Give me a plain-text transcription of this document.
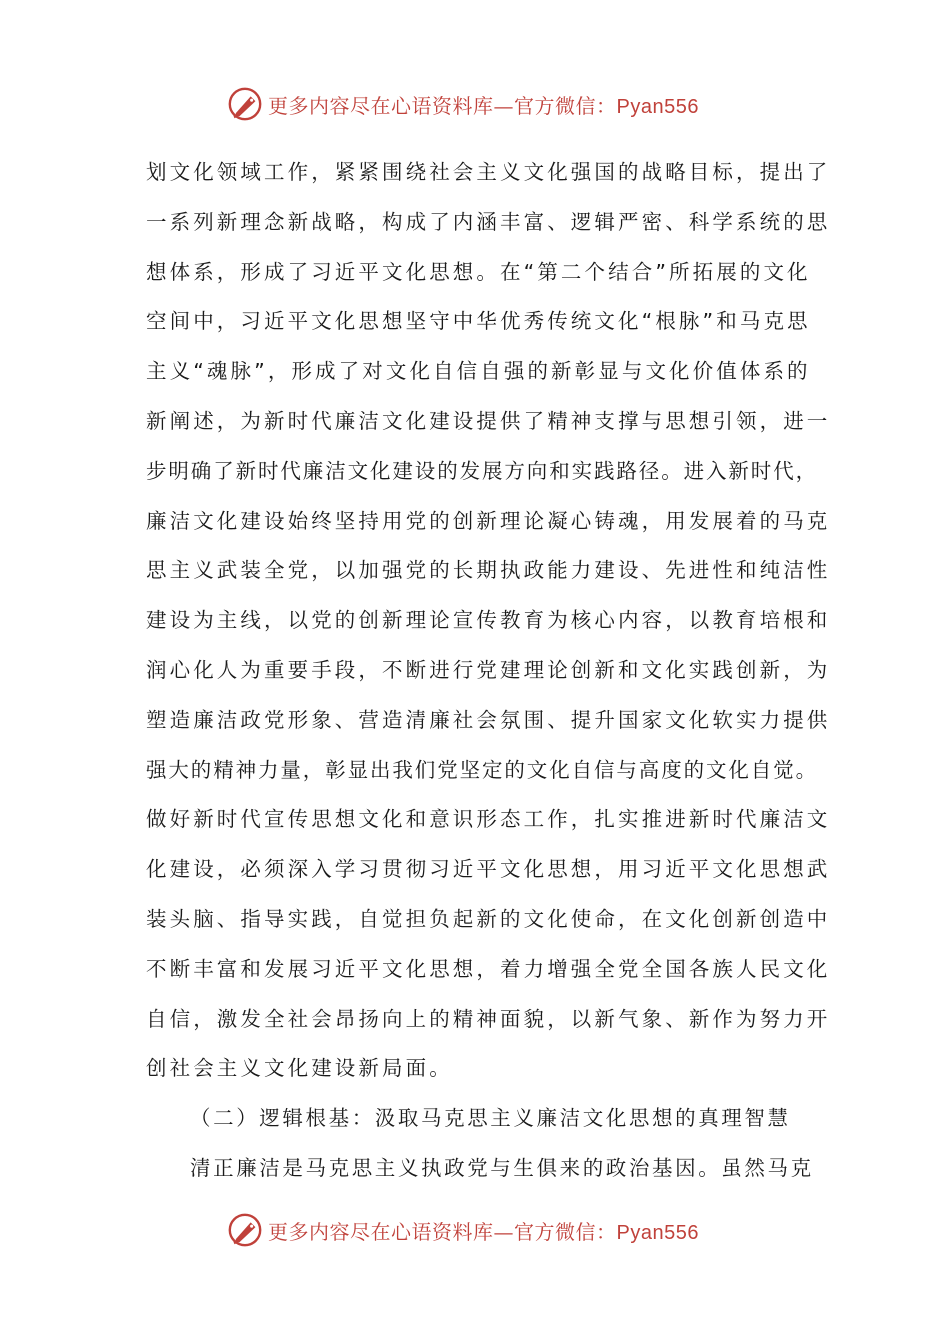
更多内容尽在心语资料库—官方微信：Pyan556
划文化领域工作，紧紧围绕社会主义文化强国的战略目标，提出了
一系列新理念新战略，构成了内涵丰富、逻辑严密、科学系统的思
想体系，形成了习近平文化思想。在“第二个结合”所拓展的文化
空间中，习近平文化思想坚守中华优秀传统文化“根脉”和马克思
主义“魂脉”，形成了对文化自信自强的新彰显与文化价值体系的
新阐述，为新时代廉洁文化建设提供了精神支撑与思想引领，进一
步明确了新时代廉洁文化建设的发展方向和实践路径。进入新时代，
廉洁文化建设始终坚持用党的创新理论凝心铸魂，用发展着的马克
思主义武装全党，以加强党的长期执政能力建设、先进性和纯洁性
建设为主线，以党的创新理论宣传教育为核心内容，以教育培根和
润心化人为重要手段，不断进行党建理论创新和文化实践创新，为
塑造廉洁政党形象、营造清廉社会氛围、提升国家文化软实力提供
强大的精神力量，彰显出我们党坚定的文化自信与高度的文化自觉。
做好新时代宣传思想文化和意识形态工作，扎实推进新时代廉洁文
化建设，必须深入学习贯彻习近平文化思想，用习近平文化思想武
装头脑、指导实践，自觉担负起新的文化使命，在文化创新创造中
不断丰富和发展习近平文化思想，着力增强全党全国各族人民文化
自信，激发全社会昂扬向上的精神面貌，以新气象、新作为努力开
创社会主义文化建设新局面。
（二）逻辑根基：汲取马克思主义廉洁文化思想的真理智慧
清正廉洁是马克思主义执政党与生俱来的政治基因。虽然马克
更多内容尽在心语资料库—官方微信：Pyan556
